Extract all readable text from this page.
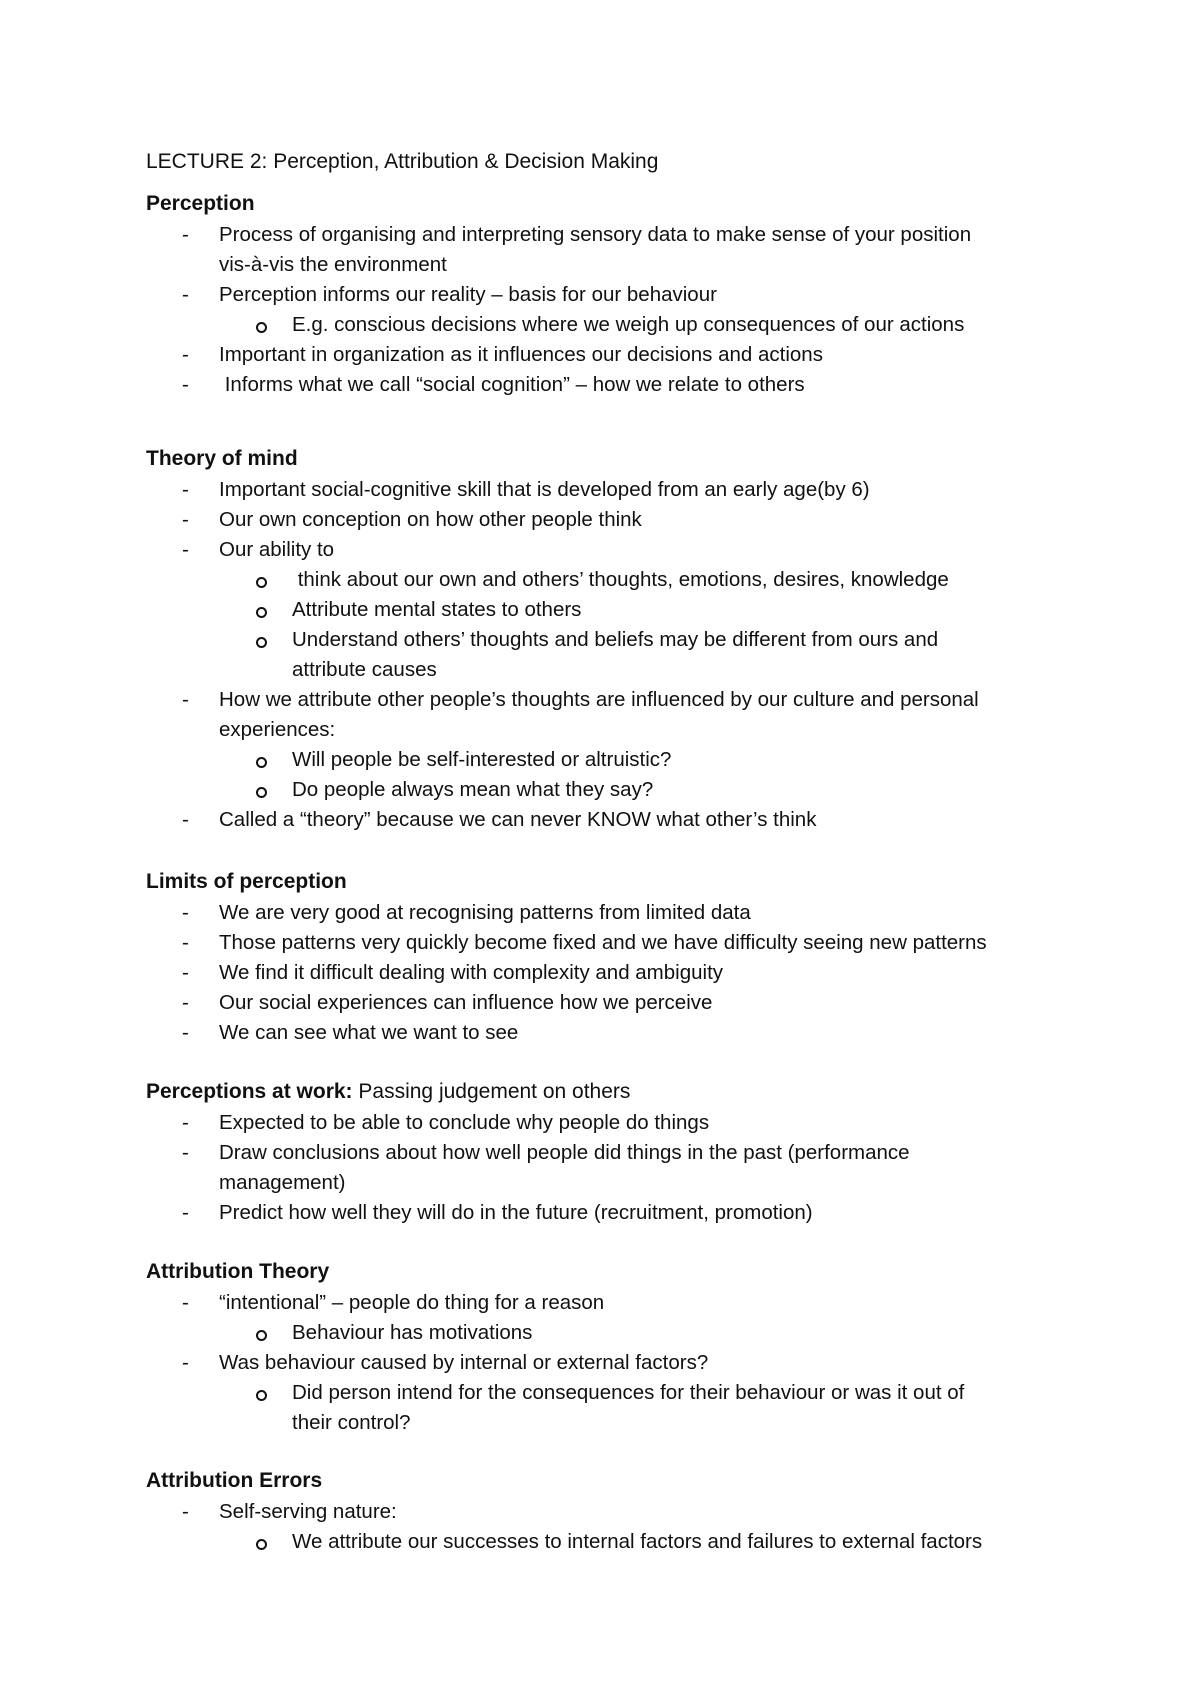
LECTURE 2: Perception, Attribution & Decision Making
Perception
- Process of organising and interpreting sensory data to make sense of your position
vis-à-vis the environment
- Perception informs our reality – basis for our behaviour
E.g. conscious decisions where we weigh up consequences of our actions
- Important in organization as it influences our decisions and actions
- Informs what we call “social cognition” – how we relate to others
Theory of mind
- Important social-cognitive skill that is developed from an early age(by 6)
- Our own conception on how other people think
- Our ability to
think about our own and others’ thoughts, emotions, desires, knowledge
Attribute mental states to others
Understand others’ thoughts and beliefs may be different from ours and
attribute causes
- How we attribute other people’s thoughts are influenced by our culture and personal
experiences:
Will people be self-interested or altruistic?
Do people always mean what they say?
- Called a “theory” because we can never KNOW what other’s think
Limits of perception
- We are very good at recognising patterns from limited data
- Those patterns very quickly become fixed and we have difficulty seeing new patterns
- We find it difficult dealing with complexity and ambiguity
- Our social experiences can influence how we perceive
- We can see what we want to see
Perceptions at work: Passing judgement on others
- Expected to be able to conclude why people do things
- Draw conclusions about how well people did things in the past (performance
management)
- Predict how well they will do in the future (recruitment, promotion)
Attribution Theory
- “intentional” – people do thing for a reason
Behaviour has motivations
- Was behaviour caused by internal or external factors?
Did person intend for the consequences for their behaviour or was it out of
their control?
Attribution Errors
- Self-serving nature:
We attribute our successes to internal factors and failures to external factors
